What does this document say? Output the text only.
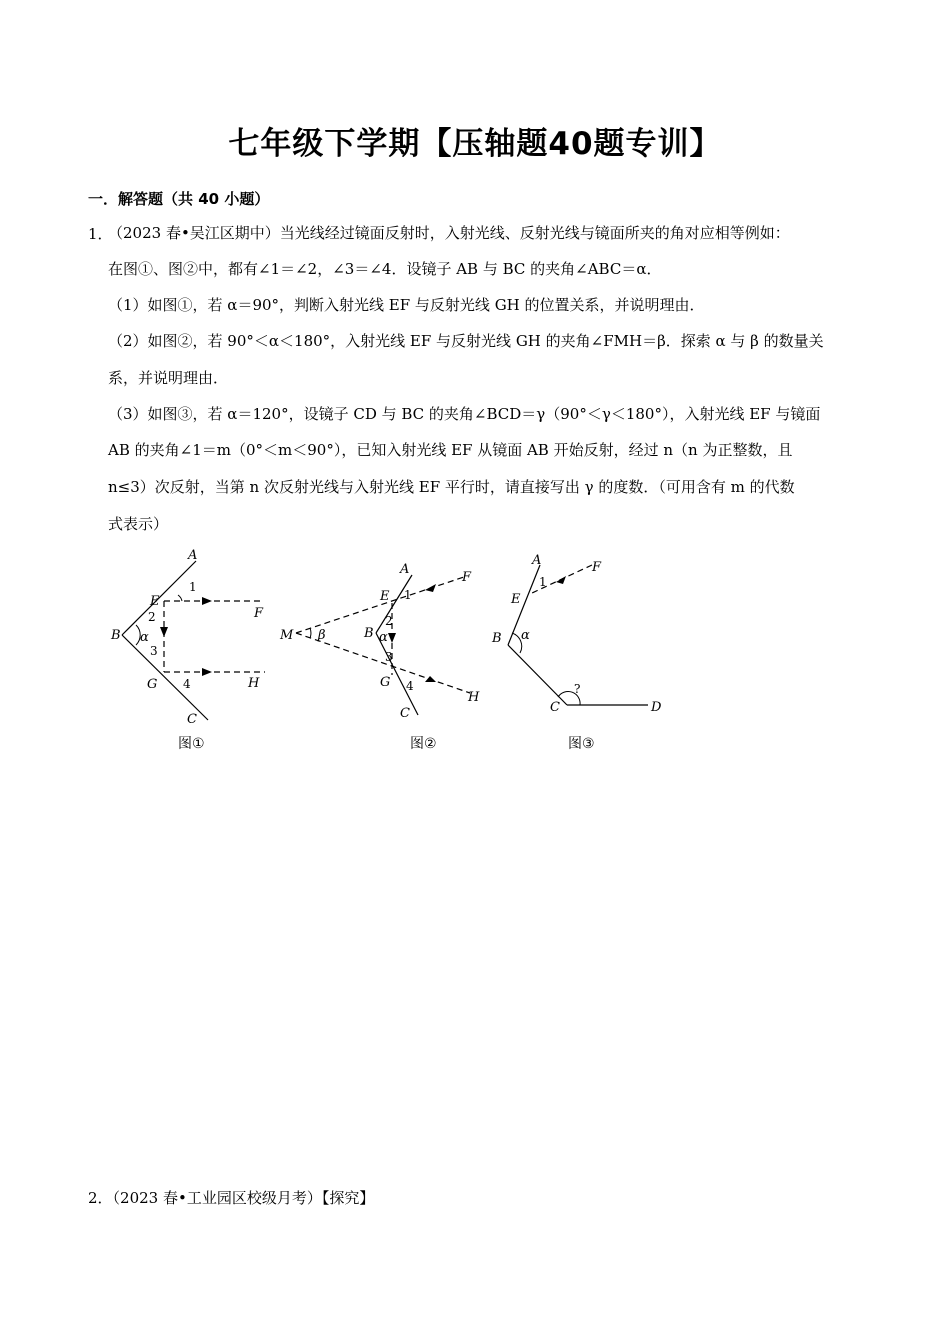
七年级下学期【压轴题40题专训】
一．解答题（共 40 小题）
1．
（2023 春•吴江区期中）当光线经过镜面反射时，入射光线、反射光线与镜面所夹的角对应相等例如：
在图①、图②中，都有∠1＝∠2，∠3＝∠4．设镜子 AB 与 BC 的夹角∠ABC＝α．
（1）如图①，若 α＝90°，判断入射光线 EF 与反射光线 GH 的位置关系，并说明理由．
（2）如图②，若 90°＜α＜180°，入射光线 EF 与反射光线 GH 的夹角∠FMH＝β．探索 α 与 β 的数量关
系，并说明理由．
（3）如图③，若 α＝120°，设镜子 CD 与 BC 的夹角∠BCD＝γ（90°＜γ＜180°），入射光线 EF 与镜面
AB 的夹角∠1＝m（0°＜m＜90°），已知入射光线 EF 从镜面 AB 开始反射，经过 n（n 为正整数，且
n≤3）次反射，当第 n 次反射光线与入射光线 EF 平行时，请直接写出 γ 的度数．（可用含有 m 的代数
式表示）
A
1
E
F
2
B α
3
G 4	H
C
图①
A
F
E 1
M β	B α
2
3
G 4
H
C
图②
A	F
1
E
B α
?
C	D
图③
2．（2023 春•工业园区校级月考）【探究】
